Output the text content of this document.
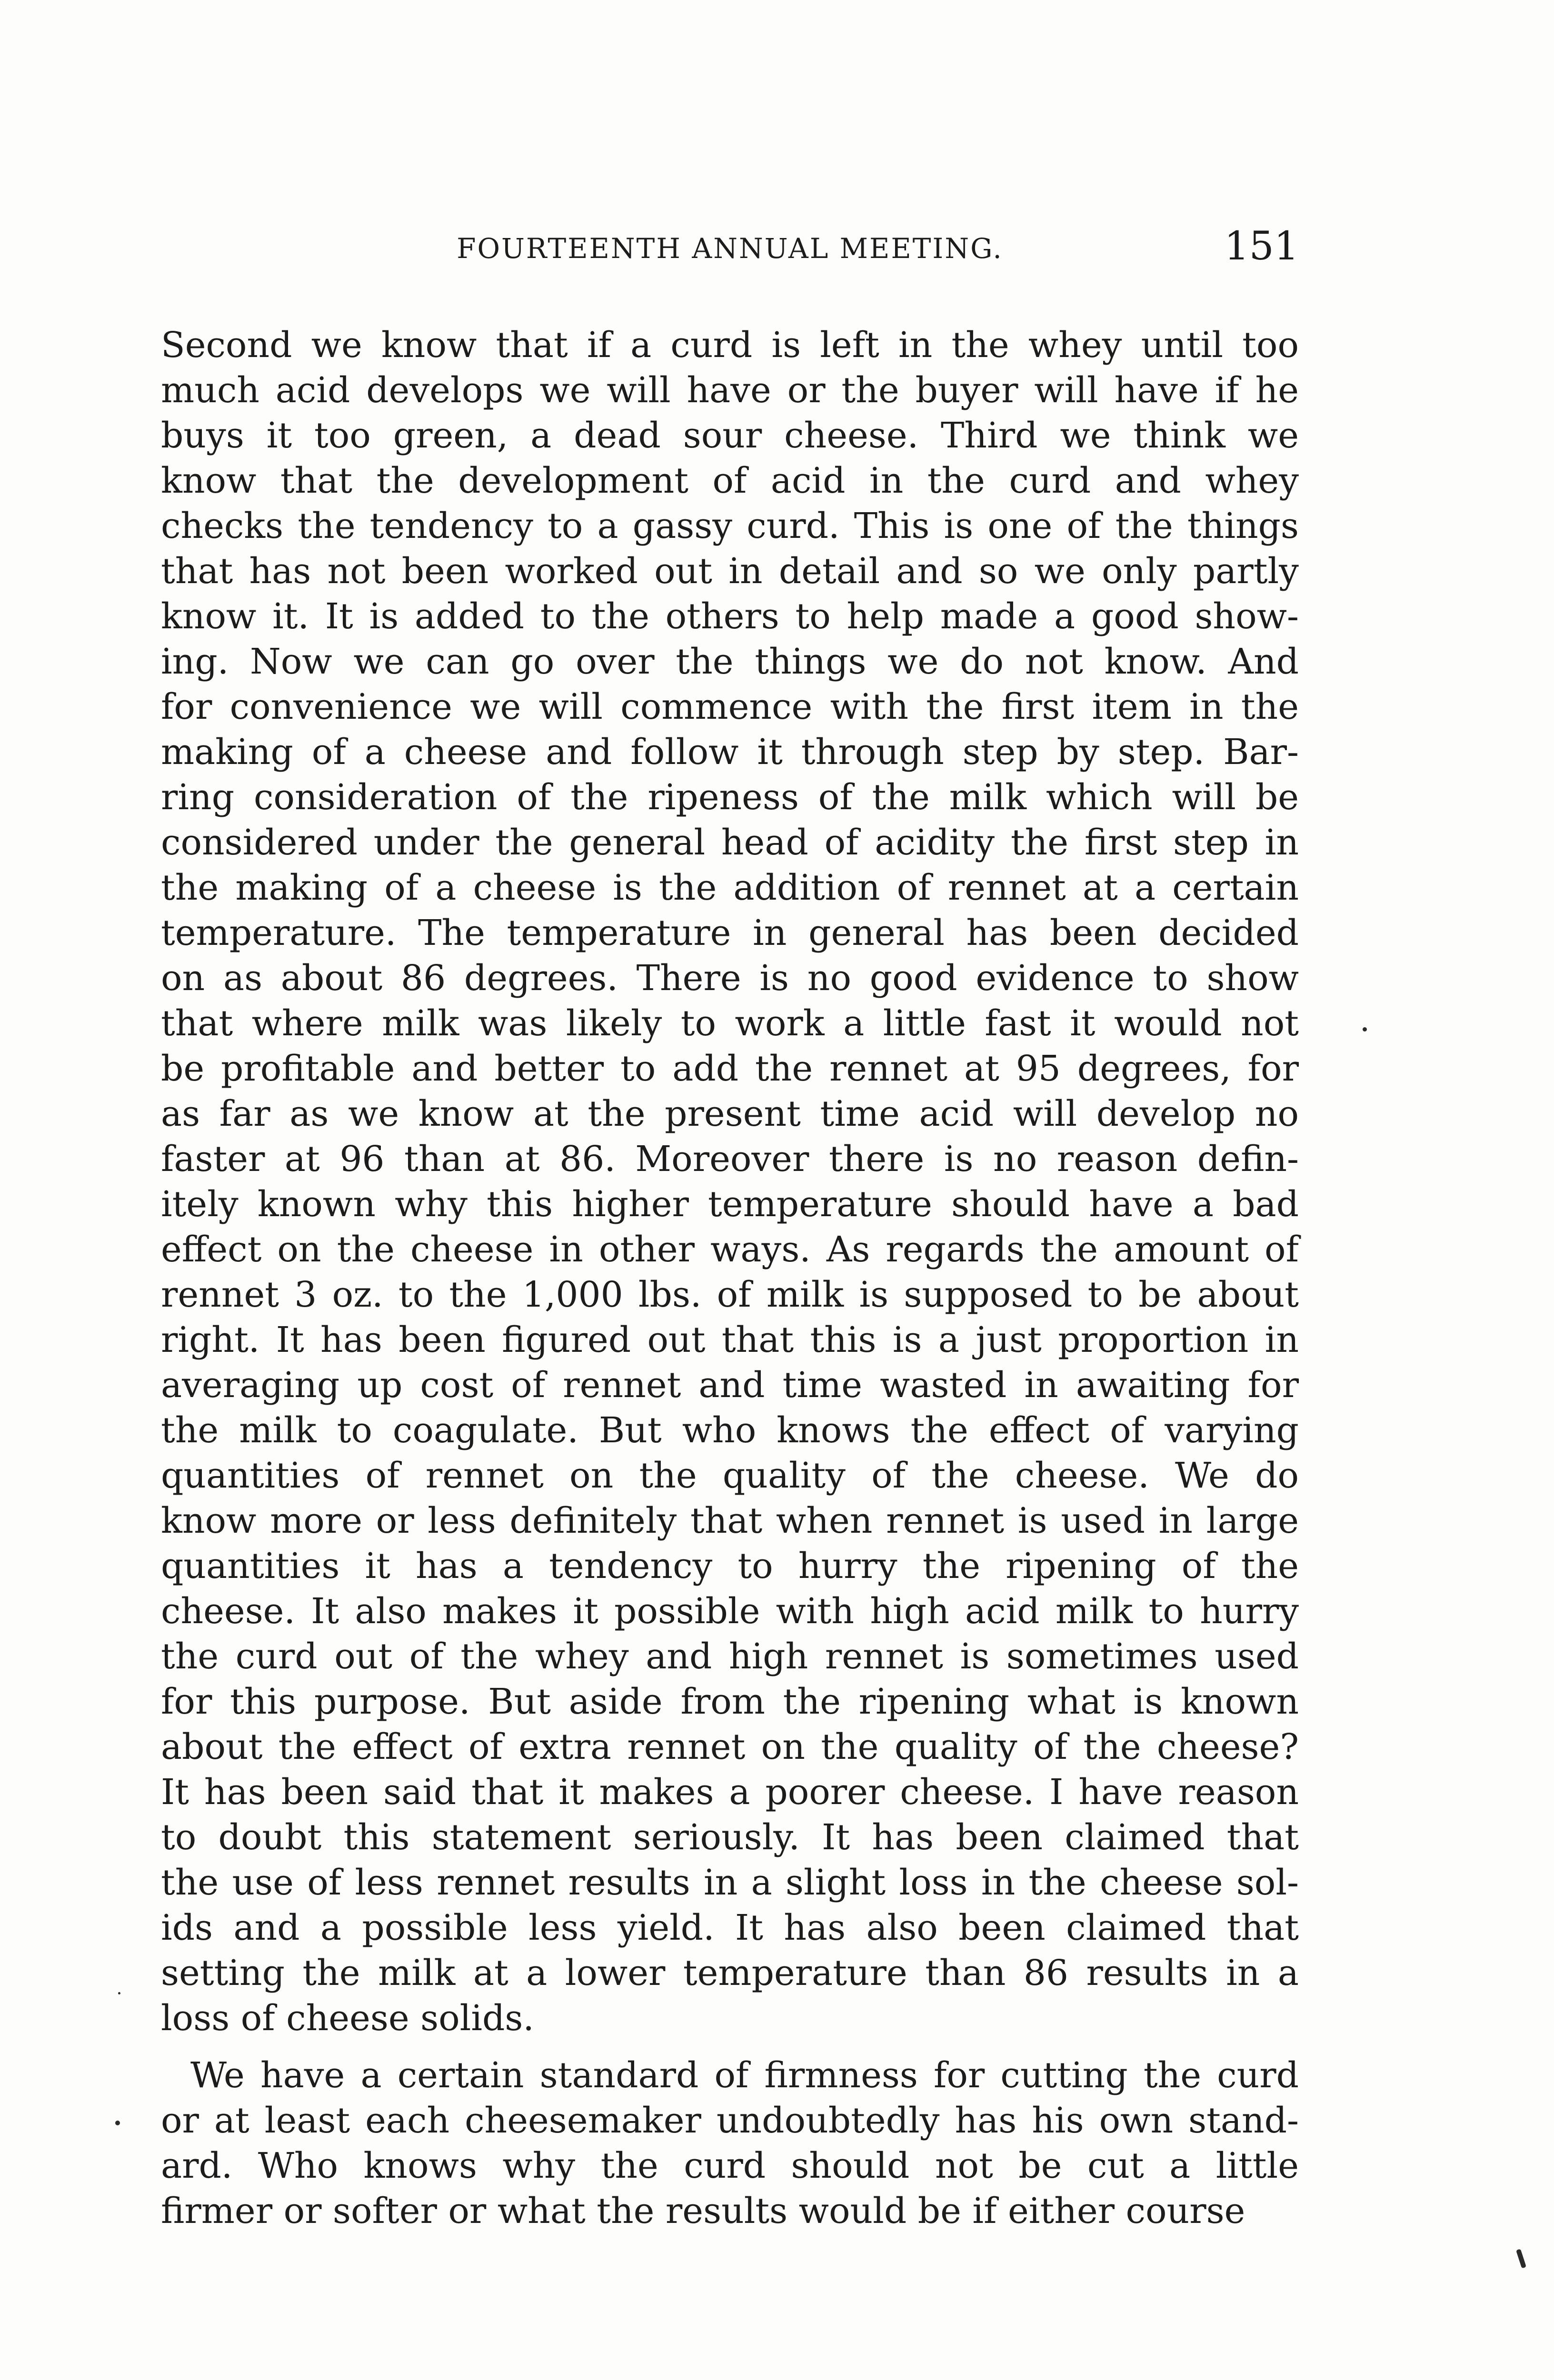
FOURTEENTH ANNUAL MEETING.	151
Second we know that if a curd is left in the whey until too
much acid develops we will have or the buyer will have if he
buys it too green, a dead sour cheese. Third we think we
know that the development of acid in the curd and whey
checks the tendency to a gassy curd. This is one of the things
that has not been worked out in detail and so we only partly
know it. It is added to the others to help made a good show-
ing. Now we can go over the things we do not know. And
for convenience we will commence with the first item in the
making of a cheese and follow it through step by step. Bar-
ring consideration of the ripeness of the milk which will be
considered under the general head of acidity the first step in
the making of a cheese is the addition of rennet at a certain
temperature. The temperature in general has been decided
on as about 86 degrees. There is no good evidence to show
that where milk was likely to work a little fast it would not
be profitable and better to add the rennet at 95 degrees, for
as far as we know at the present time acid will develop no
faster at 96 than at 86. Moreover there is no reason defin-
itely known why this higher temperature should have a bad
effect on the cheese in other ways. As regards the amount of
rennet 3 oz. to the 1,000 lbs. of milk is supposed to be about
right. It has been figured out that this is a just proportion in
averaging up cost of rennet and time wasted in awaiting for
the milk to coagulate. But who knows the effect of varying
quantities of rennet on the quality of the cheese. We do
know more or less definitely that when rennet is used in large
quantities it has a tendency to hurry the ripening of the
cheese. It also makes it possible with high acid milk to hurry
the curd out of the whey and high rennet is sometimes used
for this purpose. But aside from the ripening what is known
about the effect of extra rennet on the quality of the cheese?
It has been said that it makes a poorer cheese. I have reason
to doubt this statement seriously. It has been claimed that
the use of less rennet results in a slight loss in the cheese sol-
ids and a possible less yield. It has also been claimed that
setting the milk at a lower temperature than 86 results in a
loss of cheese solids.
We have a certain standard of firmness for cutting the curd
or at least each cheesemaker undoubtedly has his own stand-
ard. Who knows why the curd should not be cut a little
firmer or softer or what the results would be if either course
